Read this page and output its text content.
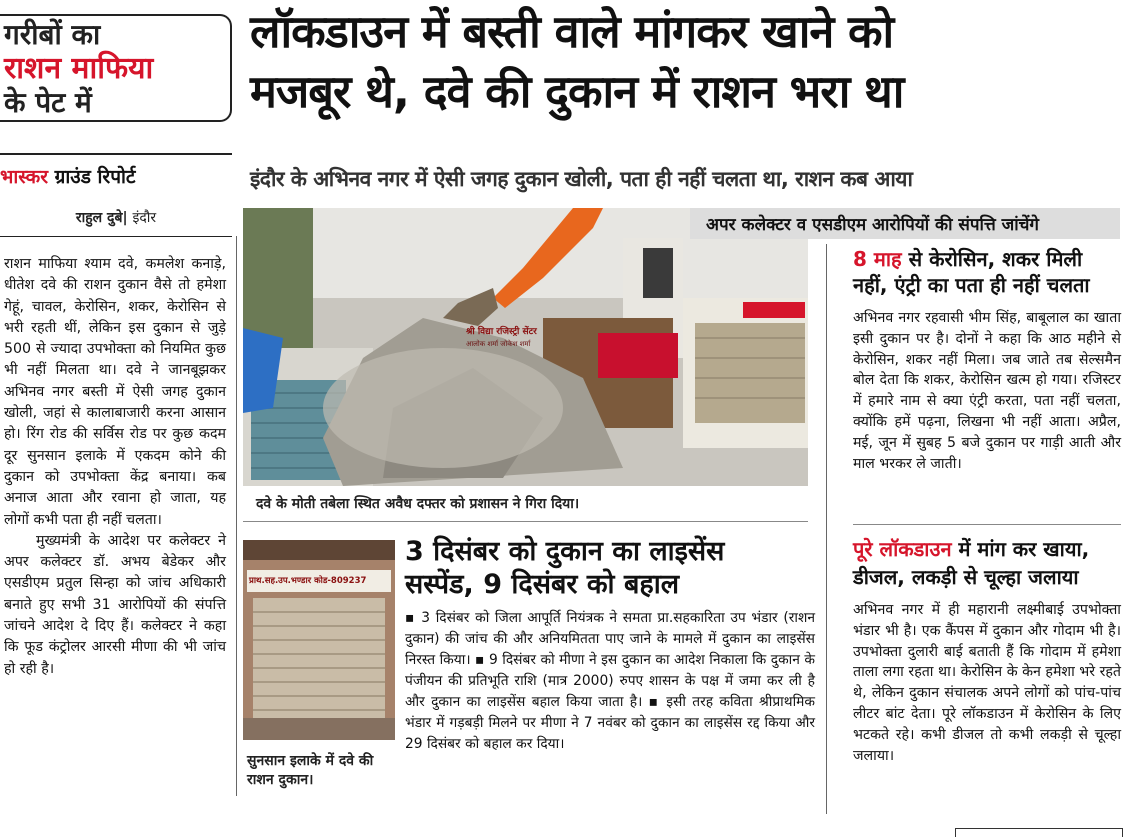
गरीबों का
राशन माफिया
के पेट में
लॉकडाउन में बस्ती वाले मांगकर खाने को
मजबूर थे, दवे की दुकान में राशन भरा था
भास्कर ग्राउंड रिपोर्ट	इंदौर के अभिनव नगर में ऐसी जगह दुकान खोली, पता ही नहीं चलता था, राशन कब आया
राहुल दुबे| इंदौर

राशन माफिया श्याम दवे, कमलेश कनाड़े, धीतेश दवे की राशन दुकान वैसे तो हमेशा गेहूं, चावल, केरोसिन, शकर, केरोसिन से भरी रहती थीं, लेकिन इस दुकान से जुड़े 500 से ज्यादा उपभोक्ता को नियमित कुछ भी नहीं मिलता था। दवे ने जानबूझकर अभिनव नगर बस्ती में ऐसी जगह दुकान खोली, जहां से कालाबाजारी करना आसान हो। रिंग रोड की सर्विस रोड पर कुछ कदम दूर सुनसान इलाके में एकदम कोने की दुकान को उपभोक्ता केंद्र बनाया। कब अनाज आता और रवाना हो जाता, यह लोगों कभी पता ही नहीं चलता।

मुख्यमंत्री के आदेश पर कलेक्टर ने अपर कलेक्टर डॉ. अभय बेडेकर और एसडीएम प्रतुल सिन्हा को जांच अधिकारी बनाते हुए सभी 31 आरोपियों की संपत्ति जांचने आदेश दे दिए हैं। कलेक्टर ने कहा कि फूड कंट्रोलर आरसी मीणा की भी जांच हो रही है।

अपर कलेक्टर व एसडीएम आरोपियों की संपत्ति जांचेंगे
श्री विद्या रजिस्ट्री सेंटर
आलोक शर्मा जोकेश शर्मा
दवे के मोती तबेला स्थित अवैध दफ्तर को प्रशासन ने गिरा दिया।
प्राथ.सह.उप.भण्डार कोड-809237
सुनसान इलाके में दवे की राशन दुकान।
3 दिसंबर को दुकान का लाइसेंस
सस्पेंड, 9 दिसंबर को बहाल
▪ 3 दिसंबर को जिला आपूर्ति नियंत्रक ने समता प्रा.सहकारिता उप भंडार (राशन दुकान) की जांच की और अनियमितता पाए जाने के मामले में दुकान का लाइसेंस निरस्त किया। ▪ 9 दिसंबर को मीणा ने इस दुकान का आदेश निकाला कि दुकान के पंजीयन की प्रतिभूति राशि (मात्र 2000) रुपए शासन के पक्ष में जमा कर ली है और दुकान का लाइसेंस बहाल किया जाता है। ▪ इसी तरह कविता श्रीप्राथमिक भंडार में गड़बड़ी मिलने पर मीणा ने 7 नवंबर को दुकान का लाइसेंस रद्द किया और 29 दिसंबर को बहाल कर दिया।
8 माह से केरोसिन, शकर मिली
नहीं, एंट्री का पता ही नहीं चलता
अभिनव नगर रहवासी भीम सिंह, बाबूलाल का खाता इसी दुकान पर है। दोनों ने कहा कि आठ महीने से केरोसिन, शकर नहीं मिला। जब जाते तब सेल्समैन बोल देता कि शकर, केरोसिन खत्म हो गया। रजिस्टर में हमारे नाम से क्या एंट्री करता, पता नहीं चलता, क्योंकि हमें पढ़ना, लिखना भी नहीं आता। अप्रैल, मई, जून में सुबह 5 बजे दुकान पर गाड़ी आती और माल भरकर ले जाती।
पूरे लॉकडाउन में मांग कर खाया,
डीजल, लकड़ी से चूल्हा जलाया
अभिनव नगर में ही महारानी लक्ष्मीबाई उपभोक्ता भंडार भी है। एक कैंपस में दुकान और गोदाम भी है। उपभोक्ता दुलारी बाई बताती हैं कि गोदाम में हमेशा ताला लगा रहता था। केरोसिन के केन हमेशा भरे रहते थे, लेकिन दुकान संचालक अपने लोगों को पांच-पांच लीटर बांट देता। पूरे लॉकडाउन में केरोसिन के लिए भटकते रहे। कभी डीजल तो कभी लकड़ी से चूल्हा जलाया।
